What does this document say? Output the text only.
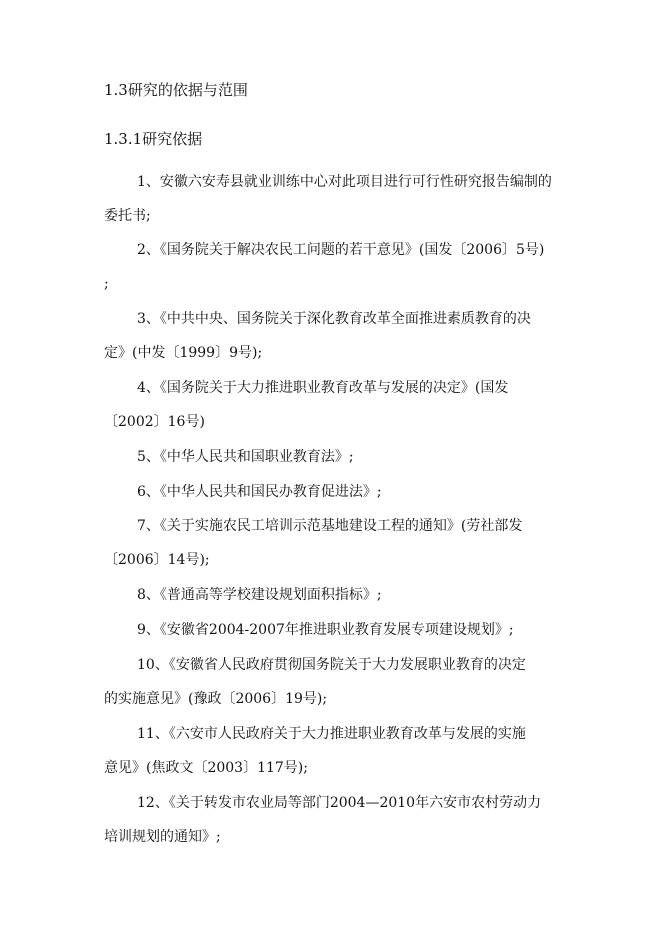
1.3研究的依据与范围
1.3.1研究依据
1、安徽六安寿县就业训练中心对此项目进行可行性研究报告编制的
委托书;
2、《国务院关于解决农民工问题的若干意见》(国发〔2006〕5号)
;
3、《中共中央、国务院关于深化教育改革全面推进素质教育的决
定》(中发〔1999〕9号);
4、《国务院关于大力推进职业教育改革与发展的决定》(国发
〔2002〕16号)
5、《中华人民共和国职业教育法》;
6、《中华人民共和国民办教育促进法》;
7、《关于实施农民工培训示范基地建设工程的通知》(劳社部发
〔2006〕14号);
8、《普通高等学校建设规划面积指标》;
9、《安徽省2004-2007年推进职业教育发展专项建设规划》;
10、《安徽省人民政府贯彻国务院关于大力发展职业教育的决定
的实施意见》(豫政〔2006〕19号);
11、《六安市人民政府关于大力推进职业教育改革与发展的实施
意见》(焦政文〔2003〕117号);
12、《关于转发市农业局等部门2004—2010年六安市农村劳动力
培训规划的通知》;
